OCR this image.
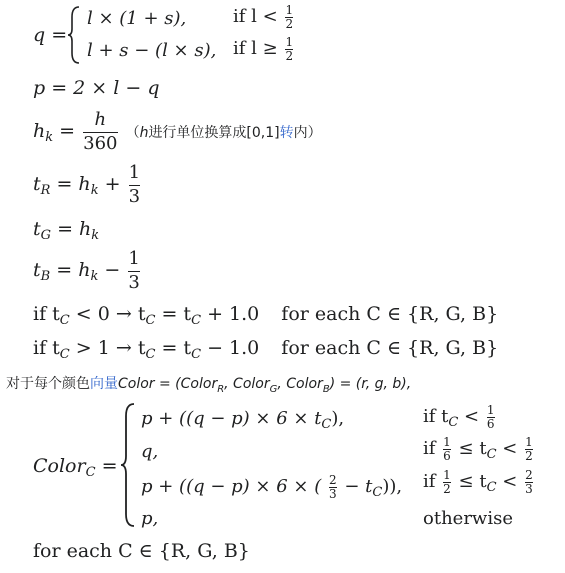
q =
l × (1 + s),	if $l < \frac{1}{2}$
l + s − (l × s), if $l \ge \frac{1}{2}$
p = 2 × l − q
$h_k = \frac{h}{360} (h$进行单位换算成[0,1]转内）
$t_R = h_k + \frac{1}{3}$
$t_G = h_k$
$t_B = h_k - \frac{1}{3}$
if $t_C < 0 \to t_C = t_C + 1.0$ for each C ∈ {R, G, B}
if $t_C > 1 \to t_C = t_C - 1.0$ for each C ∈ {R, G, B}
对于每个颜色向量Color = (Color$_R$, Color$_G$, Color$_B$) = (r, g, b),
Color$_C$ =
$p + ((q - p) \times 6 \times t_C)$,	if $t_C < \frac{1}{6}$
q,	if $\frac{1}{6} \le t_C < \frac{1}{2}$
p + ((q − p) × 6 × ( $\frac{2}{3} - t_C$)), if $\frac{1}{2} \le t_C < \frac{2}{3}$
p,	otherwise
for each C ∈ {R, G, B}
